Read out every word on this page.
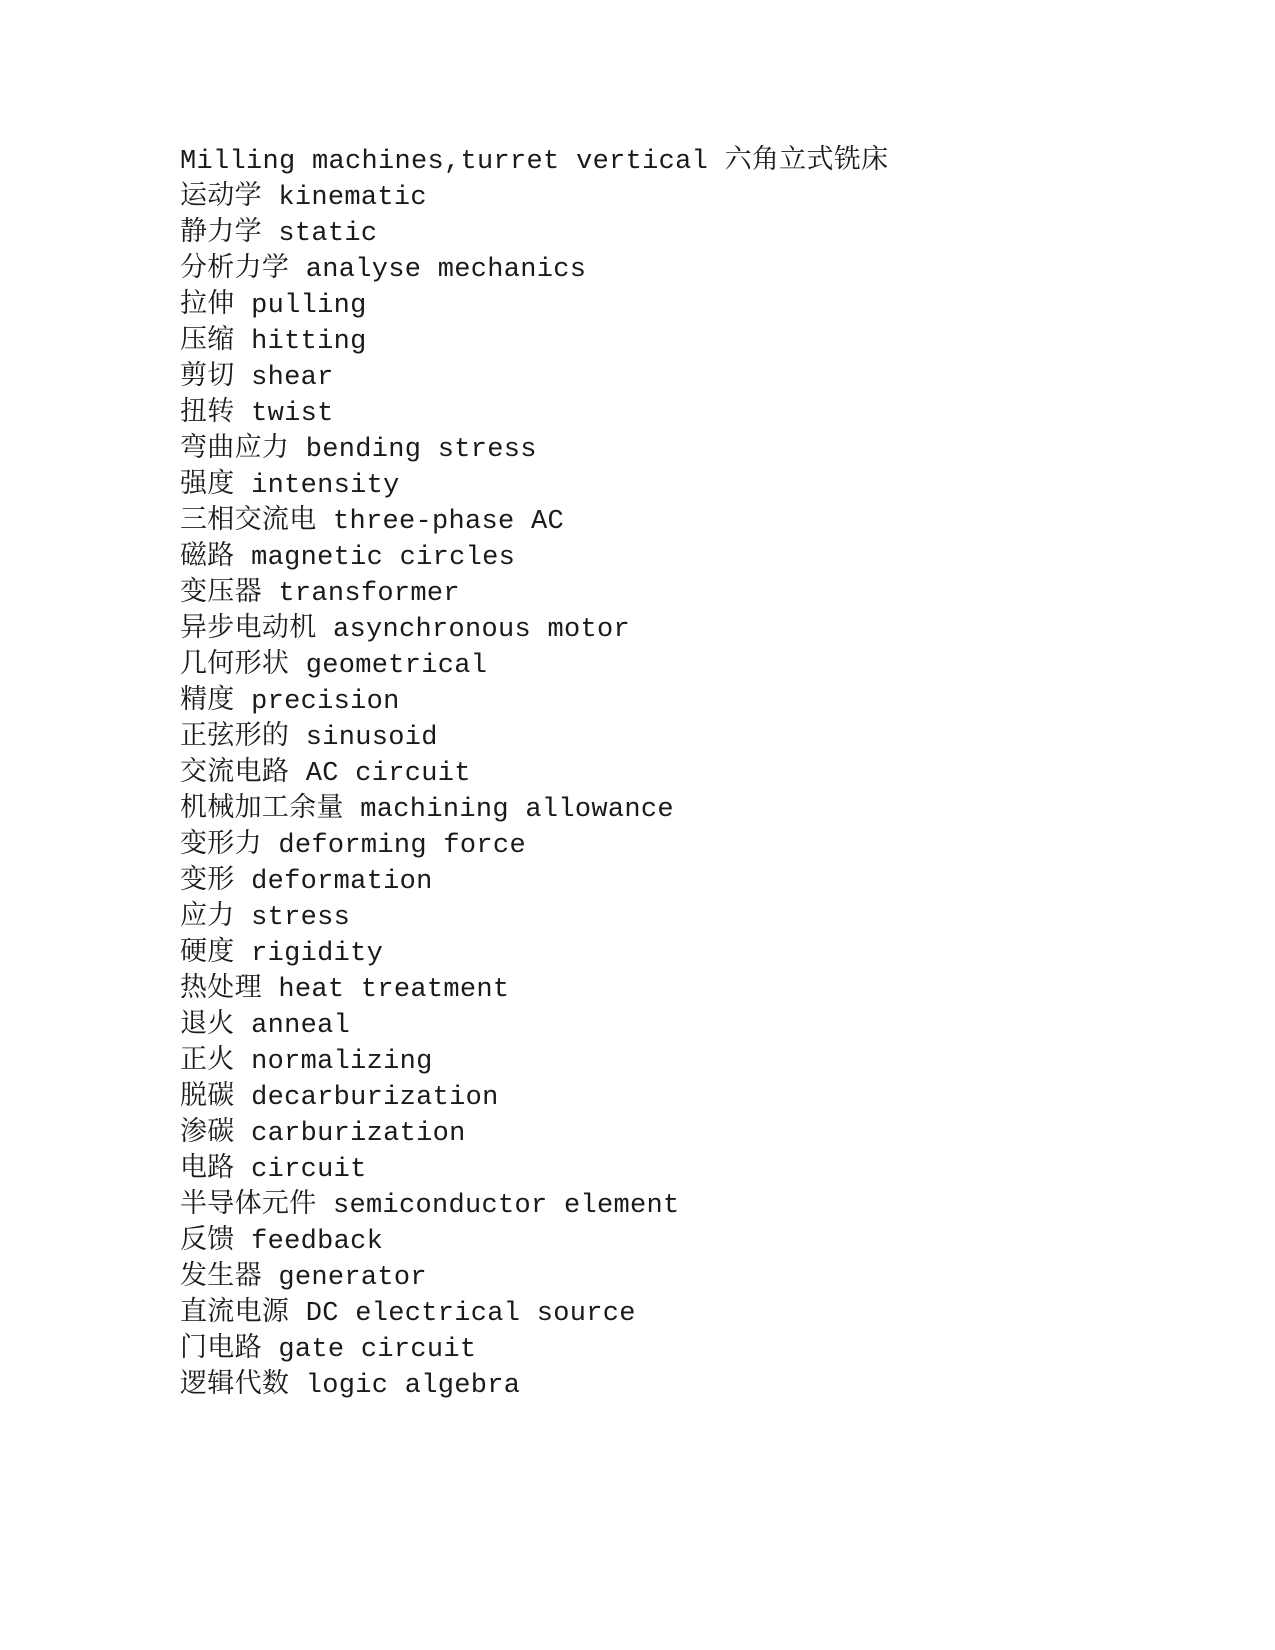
Milling machines,turret vertical 六角立式铣床
运动学 kinematic
静力学 static
分析力学 analyse mechanics
拉伸 pulling
压缩 hitting
剪切 shear
扭转 twist
弯曲应力 bending stress
强度 intensity
三相交流电 three-phase AC
磁路 magnetic circles
变压器 transformer
异步电动机 asynchronous motor
几何形状 geometrical
精度 precision
正弦形的 sinusoid
交流电路 AC circuit
机械加工余量 machining allowance
变形力 deforming force
变形 deformation
应力 stress
硬度 rigidity
热处理 heat treatment
退火 anneal
正火 normalizing
脱碳 decarburization
渗碳 carburization
电路 circuit
半导体元件 semiconductor element
反馈 feedback
发生器 generator
直流电源 DC electrical source
门电路 gate circuit
逻辑代数 logic algebra
